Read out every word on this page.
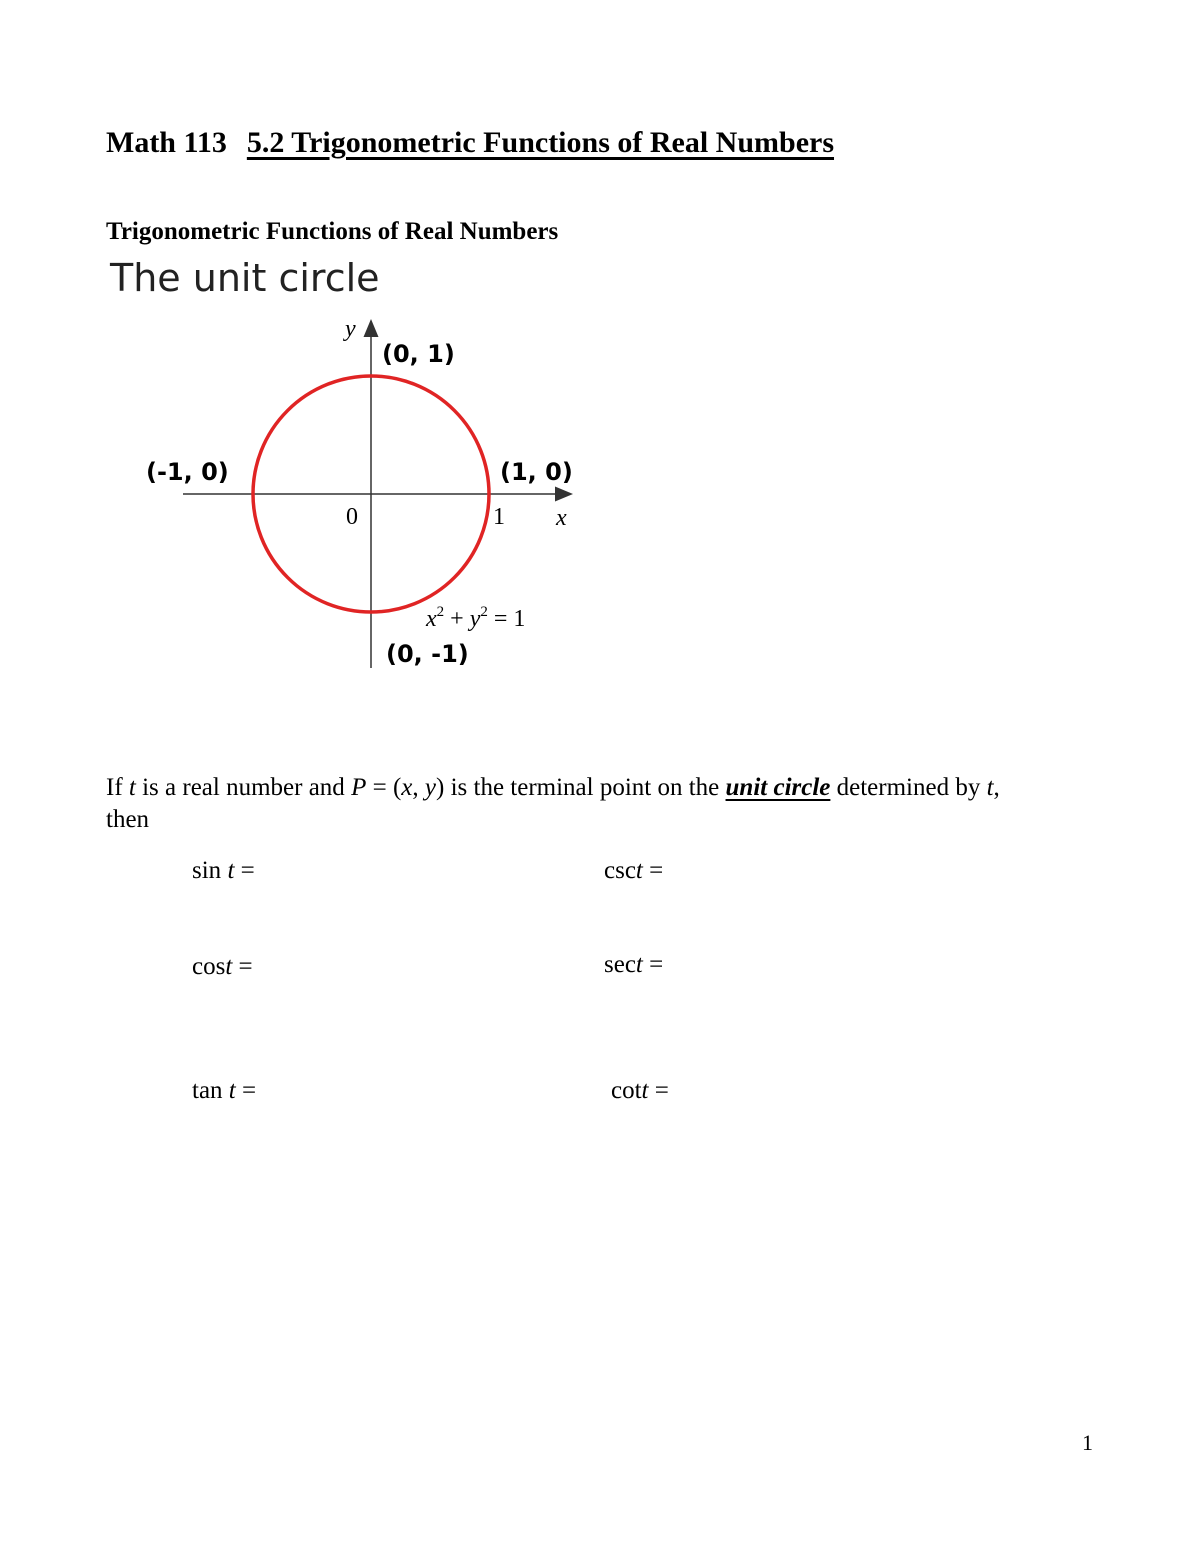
Math 113 5.2 Trigonometric Functions of Real Numbers
Trigonometric Functions of Real Numbers
The unit circle
y
x
0	1
(0, 1)
(-1, 0)	(1, 0)
(0, -1)
$x^2 + y^2 = 1$
If t is a real number and P = (x, y) is the terminal point on the unit circle determined by t,
then
sin t =	csct =
cost =	sect =
tan t =	cott =
1
